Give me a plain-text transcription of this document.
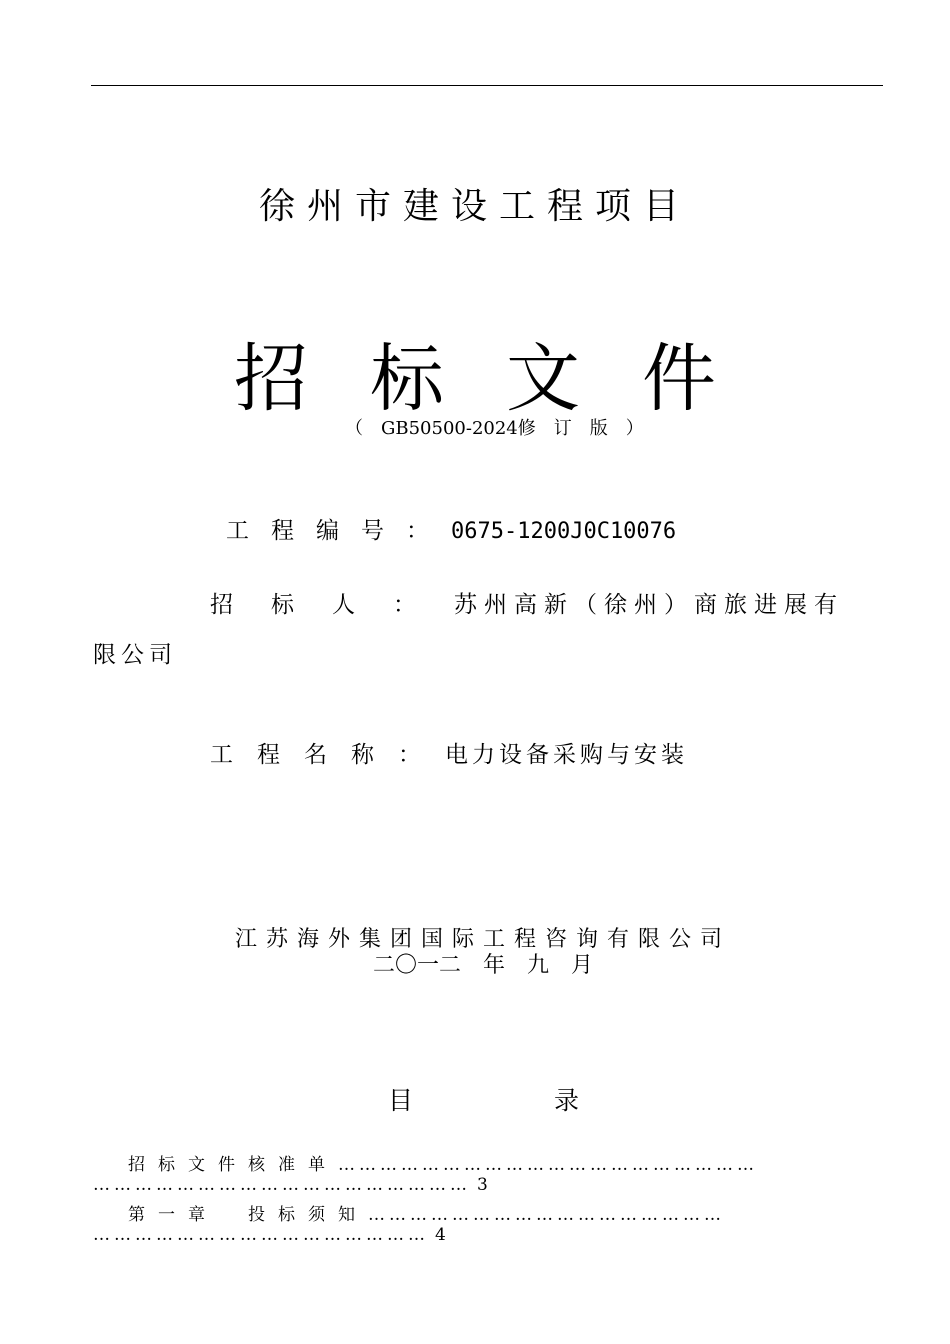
徐州市建设工程项目
招标文件
（　GB50500-2024修　订　版　）
工程编号：0675-1200J0C10076
招标人：苏州高新（徐州）商旅进展有
限公司
工程名称：电力设备采购与安装
江苏海外集团国际工程咨询有限公司
二〇一二　年　九　月
目	录
招标文件核准单……………………………………………………
……………………………………………… 3
第一章　投标须知……………………………………………
………………………………………… 4
